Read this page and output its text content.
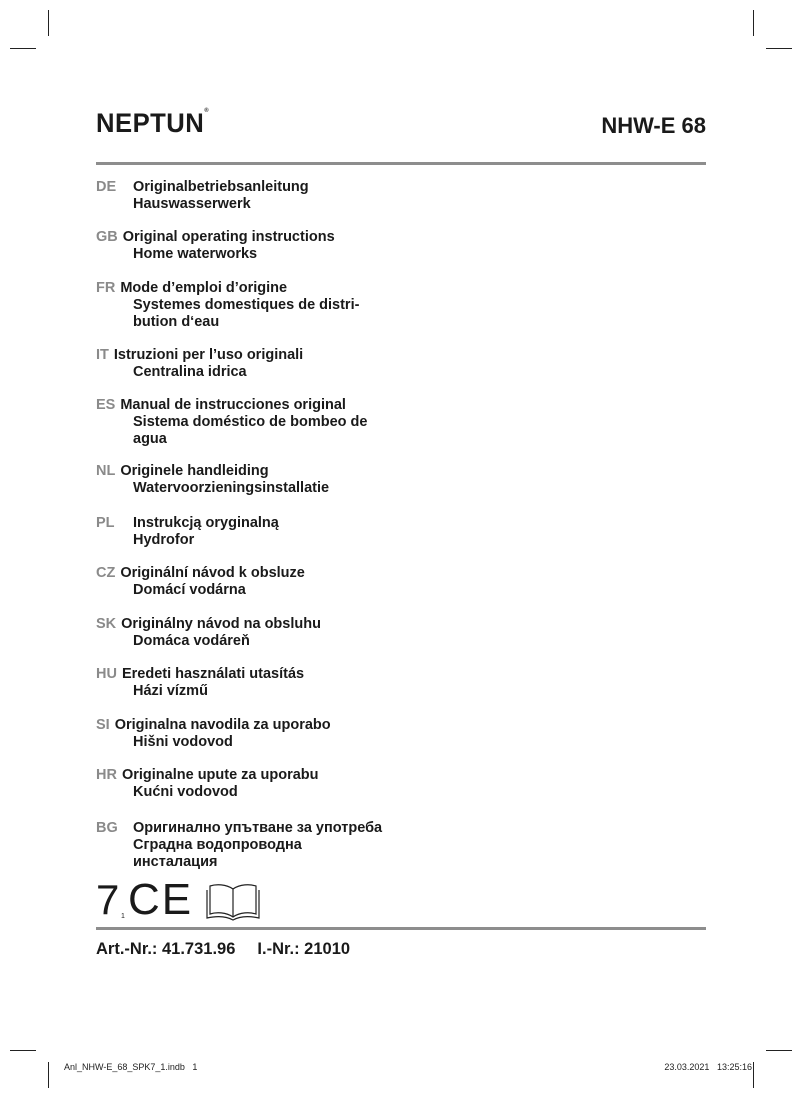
NEPTUN®
NHW-E 68
DE Originalbetriebsanleitung
Hauswasserwerk
GB Original operating instructions
Home waterworks
FR Mode d’emploi d’origine
Systemes domestiques de distri-
bution d‘eau
IT Istruzioni per l’uso originali
Centralina idrica
ES Manual de instrucciones original
Sistema doméstico de bombeo de
agua
NL Originele handleiding
Watervoorzieningsinstallatie
PL Instrukcją oryginalną
Hydrofor
CZ Originální návod k obsluze
Domácí vodárna
SK Originálny návod na obsluhu
Domáca vodáreň
HU Eredeti használati utasítás
Házi vízmű
SI Originalna navodila za uporabo
Hišni vodovod
HR Originalne upute za uporabu
Kućni vodovod
BG Оригинално упътване за употреба
Сградна водопроводна
инсталация
7 1 CE
Art.-Nr.: 41.731.96 I.-Nr.: 21010
Anl_NHW-E_68_SPK7_1.indb   1	23.03.2021 13:25:16
